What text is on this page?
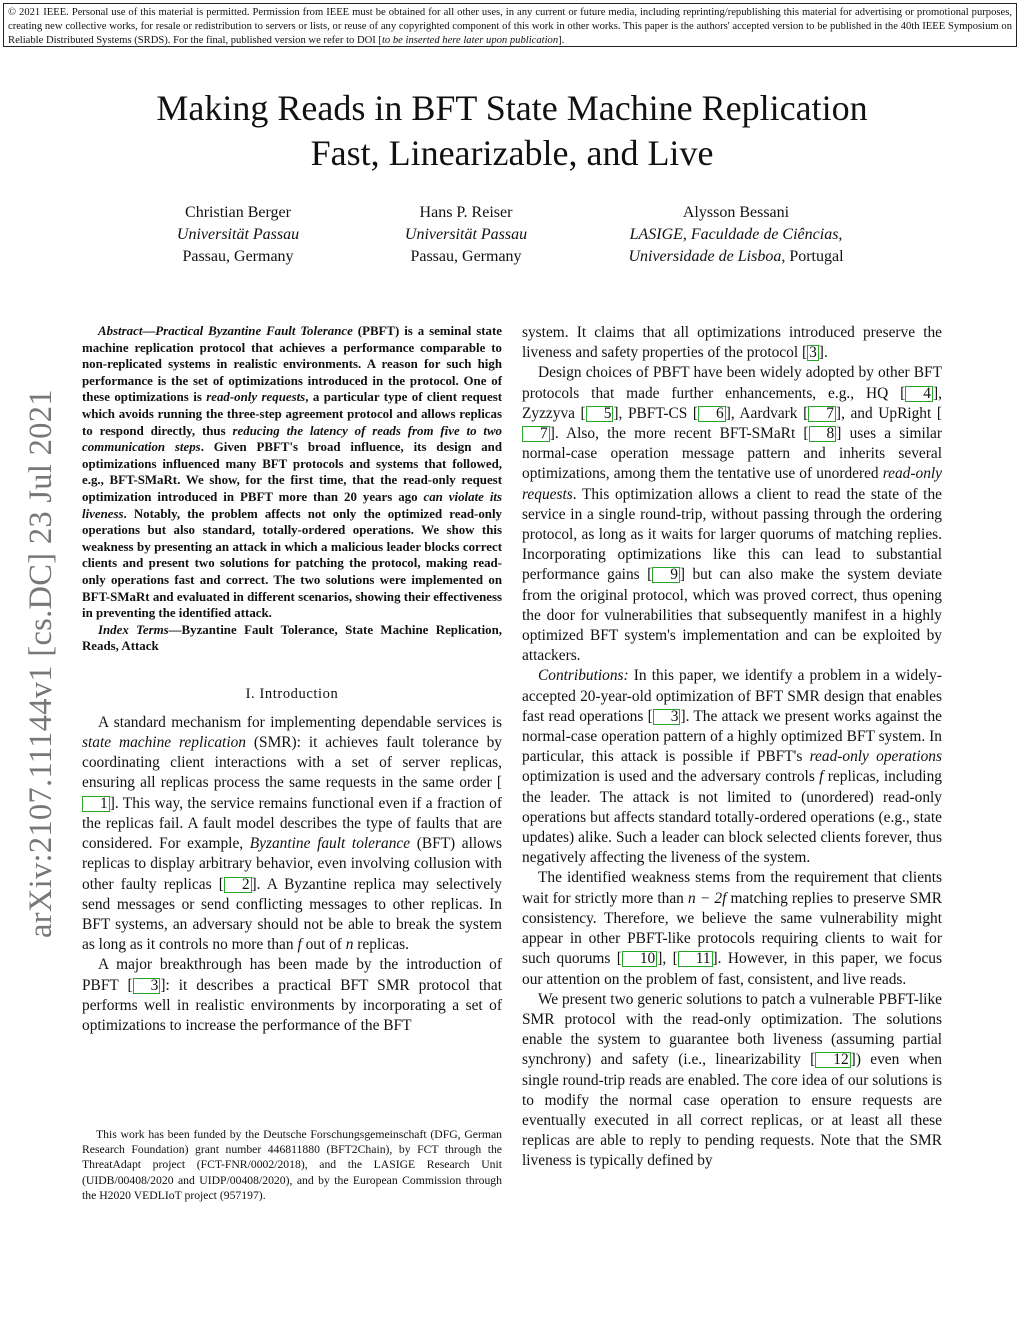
© 2021 IEEE. Personal use of this material is permitted. Permission from IEEE must be obtained for all other uses, in any current or future media, including reprinting/republishing this material for advertising or promotional purposes, creating new collective works, for resale or redistribution to servers or lists, or reuse of any copyrighted component of this work in other works. This paper is the authors' accepted version to be published in the 40th IEEE Symposium on Reliable Distributed Systems (SRDS). For the final, published version we refer to DOI [to be inserted here later upon publication].
Making Reads in BFT State Machine Replication
Fast, Linearizable, and Live
Christian Berger
Universität Passau
Passau, Germany
Hans P. Reiser
Universität Passau
Passau, Germany
Alysson Bessani
LASIGE, Faculdade de Ciências,
Universidade de Lisboa, Portugal
arXiv:2107.11144v1 [cs.DC] 23 Jul 2021

Abstract—Practical Byzantine Fault Tolerance (PBFT) is a seminal state machine replication protocol that achieves a performance comparable to non-replicated systems in realistic environments. A reason for such high performance is the set of optimizations introduced in the protocol. One of these optimizations is read-only requests, a particular type of client request which avoids running the three-step agreement protocol and allows replicas to respond directly, thus reducing the latency of reads from five to two communication steps. Given PBFT's broad influence, its design and optimizations influenced many BFT protocols and systems that followed, e.g., BFT-SMaRt. We show, for the first time, that the read-only request optimization introduced in PBFT more than 20 years ago can violate its liveness. Notably, the problem affects not only the optimized read-only operations but also standard, totally-ordered operations. We show this weakness by presenting an attack in which a malicious leader blocks correct clients and present two solutions for patching the protocol, making read-only operations fast and correct. The two solutions were implemented on BFT-SMaRt and evaluated in different scenarios, showing their effectiveness in preventing the identified attack.

Index Terms—Byzantine Fault Tolerance, State Machine Replication, Reads, Attack

I. Introduction

A standard mechanism for implementing dependable services is state machine replication (SMR): it achieves fault tolerance by coordinating client interactions with a set of server replicas, ensuring all replicas process the same requests in the same order [1 ]. This way, the service remains functional even if a fraction of the replicas fail. A fault model describes the type of faults that are considered. For example, Byzantine fault tolerance (BFT) allows replicas to display arbitrary behavior, even involving collusion with other faulty replicas [ 2 ]. A Byzantine replica may selectively send messages or send conflicting messages to other replicas. In BFT systems, an adversary should not be able to break the system as long as it controls no more than f out of n replicas.

A major breakthrough has been made by the introduction of PBFT [ 3 ]: it describes a practical BFT SMR protocol that performs well in realistic environments by incorporating a set of optimizations to increase the performance of the BFT

This work has been funded by the Deutsche Forschungsgemeinschaft (DFG, German Research Foundation) grant number 446811880 (BFT2Chain), by FCT through the ThreatAdapt project (FCT-FNR/0002/2018), and the LASIGE Research Unit (UIDB/00408/2020 and UIDP/00408/2020), and by the European Commission through the H2020 VEDLIoT project (957197).

system. It claims that all optimizations introduced preserve the liveness and safety properties of the protocol [ 3 ].

Design choices of PBFT have been widely adopted by other BFT protocols that made further enhancements, e.g., HQ [ 4 ], Zyzzyva [ 5 ], PBFT-CS [ 6 ], Aardvark [ 7 ], and UpRight [7 ]. Also, the more recent BFT-SMaRt [ 8 ] uses a similar normal-case operation message pattern and inherits several optimizations, among them the tentative use of unordered read-only requests. This optimization allows a client to read the state of the service in a single round-trip, without passing through the ordering protocol, as long as it waits for larger quorums of matching replies. Incorporating optimizations like this can lead to substantial performance gains [ 9 ] but can also make the system deviate from the original protocol, which was proved correct, thus opening the door for vulnerabilities that subsequently manifest in a highly optimized BFT system's implementation and can be exploited by attackers.

Contributions: In this paper, we identify a problem in a widely-accepted 20-year-old optimization of BFT SMR design that enables fast read operations [ 3 ]. The attack we present works against the normal-case operation pattern of a highly optimized BFT system. In particular, this attack is possible if PBFT's read-only operations optimization is used and the adversary controls f replicas, including the leader. The attack is not limited to (unordered) read-only operations but affects standard totally-ordered operations (e.g., state updates) alike. Such a leader can block selected clients forever, thus negatively affecting the liveness of the system.

The identified weakness stems from the requirement that clients wait for strictly more than n − 2f matching replies to preserve SMR consistency. Therefore, we believe the same vulnerability might appear in other PBFT-like protocols requiring clients to wait for such quorums [ 10 ], [ 11 ]. However, in this paper, we focus our attention on the problem of fast, consistent, and live reads.

We present two generic solutions to patch a vulnerable PBFT-like SMR protocol with the read-only optimization. The solutions enable the system to guarantee both liveness (assuming partial synchrony) and safety (i.e., linearizability [ 12 ]) even when single round-trip reads are enabled. The core idea of our solutions is to modify the normal case operation to ensure requests are eventually executed in all correct replicas, or at least all these replicas are able to reply to pending requests. Note that the SMR liveness is typically defined by
